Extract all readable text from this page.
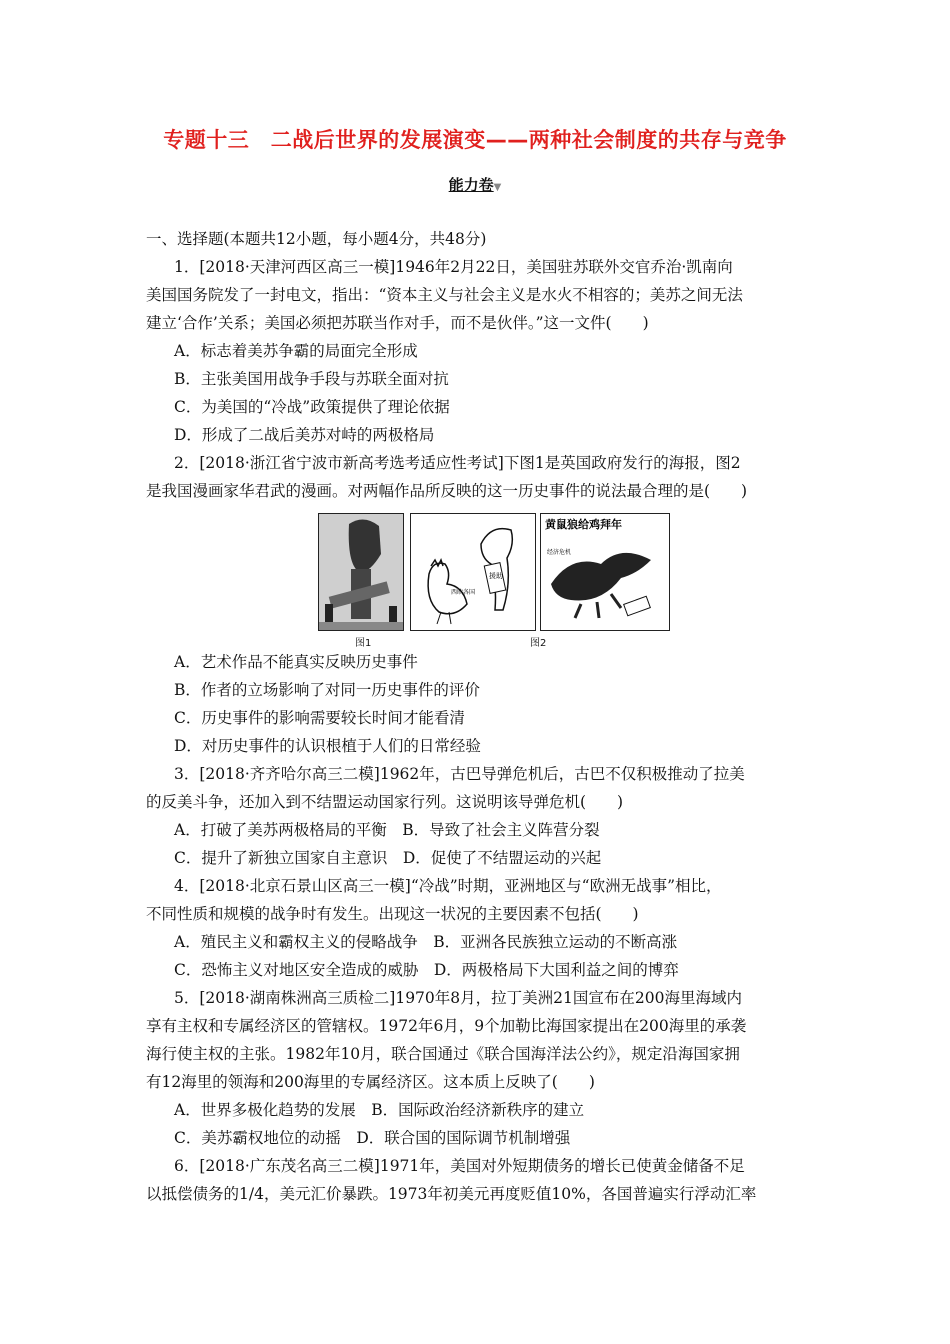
专题十三　二战后世界的发展演变——两种社会制度的共存与竞争
能力卷▼
一、选择题(本题共12小题，每小题4分，共48分)
1．[2018·天津河西区高三一模]1946年2月22日，美国驻苏联外交官乔治·凯南向
美国国务院发了一封电文，指出：“资本主义与社会主义是水火不相容的；美苏之间无法
建立‘合作’关系；美国必须把苏联当作对手，而不是伙伴。”这一文件(　　)
A．标志着美苏争霸的局面完全形成
B．主张美国用战争手段与苏联全面对抗
C．为美国的“冷战”政策提供了理论依据
D．形成了二战后美苏对峙的两极格局
2．[2018·浙江省宁波市新高考选考适应性考试]下图1是英国政府发行的海报，图2
是我国漫画家华君武的漫画。对两幅作品所反映的这一历史事件的说法最合理的是(　　)
援助
西欧各国
黄鼠狼给鸡拜年
经济危机
图1	图2
A．艺术作品不能真实反映历史事件
B．作者的立场影响了对同一历史事件的评价
C．历史事件的影响需要较长时间才能看清
D．对历史事件的认识根植于人们的日常经验
3．[2018·齐齐哈尔高三二模]1962年，古巴导弹危机后，古巴不仅积极推动了拉美
的反美斗争，还加入到不结盟运动国家行列。这说明该导弹危机(　　)
A．打破了美苏两极格局的平衡　B．导致了社会主义阵营分裂
C．提升了新独立国家自主意识　D．促使了不结盟运动的兴起
4．[2018·北京石景山区高三一模]“冷战”时期，亚洲地区与“欧洲无战事”相比，
不同性质和规模的战争时有发生。出现这一状况的主要因素不包括(　　)
A．殖民主义和霸权主义的侵略战争　B．亚洲各民族独立运动的不断高涨
C．恐怖主义对地区安全造成的威胁　D．两极格局下大国利益之间的博弈
5．[2018·湖南株洲高三质检二]1970年8月，拉丁美洲21国宣布在200海里海域内
享有主权和专属经济区的管辖权。1972年6月，9个加勒比海国家提出在200海里的承袭
海行使主权的主张。1982年10月，联合国通过《联合国海洋法公约》，规定沿海国家拥
有12海里的领海和200海里的专属经济区。这本质上反映了(　　)
A．世界多极化趋势的发展　B．国际政治经济新秩序的建立
C．美苏霸权地位的动摇　D．联合国的国际调节机制增强
6．[2018·广东茂名高三二模]1971年，美国对外短期债务的增长已使黄金储备不足
以抵偿债务的1/4，美元汇价暴跌。1973年初美元再度贬值10%，各国普遍实行浮动汇率
